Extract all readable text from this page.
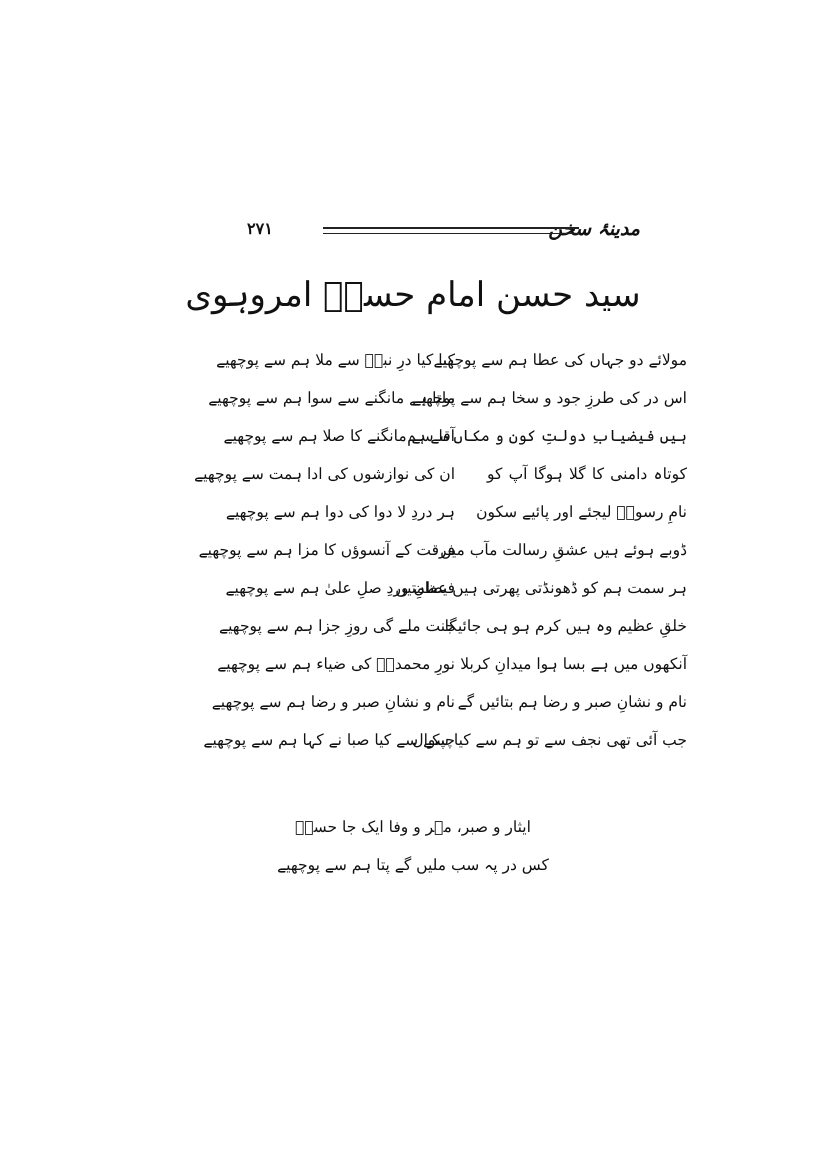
مدینۂ سخن
۲۷۱
سید حسن امام حسنؔ امروہوی
مولائے دو جہاں کی عطا ہم سے پوچھیے
کیا کیا درِ نبیؐ سے ملا ہم سے پوچھیے
اس در کی طرزِ جود و سخا ہم سے پوچھیے
ملتا ہے مانگنے سے سوا ہم سے پوچھیے
ہیں فیضیابِ دولتِ کون و مکاں سے ہم
آقا سے مانگنے کا صلا ہم سے پوچھیے
کوتاہ دامنی کا گلا ہوگا آپ کو
ان کی نوازشوں کی ادا ہمت سے پوچھیے
نامِ رسولؐ لیجئے اور پائیے سکون
ہر دردِ لا دوا کی دوا ہم سے پوچھیے
ڈوبے ہوئے ہیں عشقِ رسالت مآب میں
فرقت کے آنسوؤں کا مزا ہم سے پوچھیے
ہر سمت ہم کو ڈھونڈتی پھرتی ہیں عظمتیں
فیضانِ وردِ صلِ علیٰ ہم سے پوچھیے
خلقِ عظیم وہ ہیں کرم ہو ہی جائیگا
جنت ملے گی روزِ جزا ہم سے پوچھیے
آنکھوں میں ہے بسا ہوا میدانِ کربلا
نورِ محمدیؐ کی ضیاء ہم سے پوچھیے
نام و نشانِ صبر و رضا ہم بتائیں گے
نام و نشانِ صبر و رضا ہم سے پوچھیے
جب آئی تھی نجف سے تو ہم سے کیا سوال
چپکے سے کیا صبا نے کہا ہم سے پوچھیے
ایثار و صبر، مہر و وفا ایک جا حسنؔ
کس در پہ سب ملیں گے پتا ہم سے پوچھیے
